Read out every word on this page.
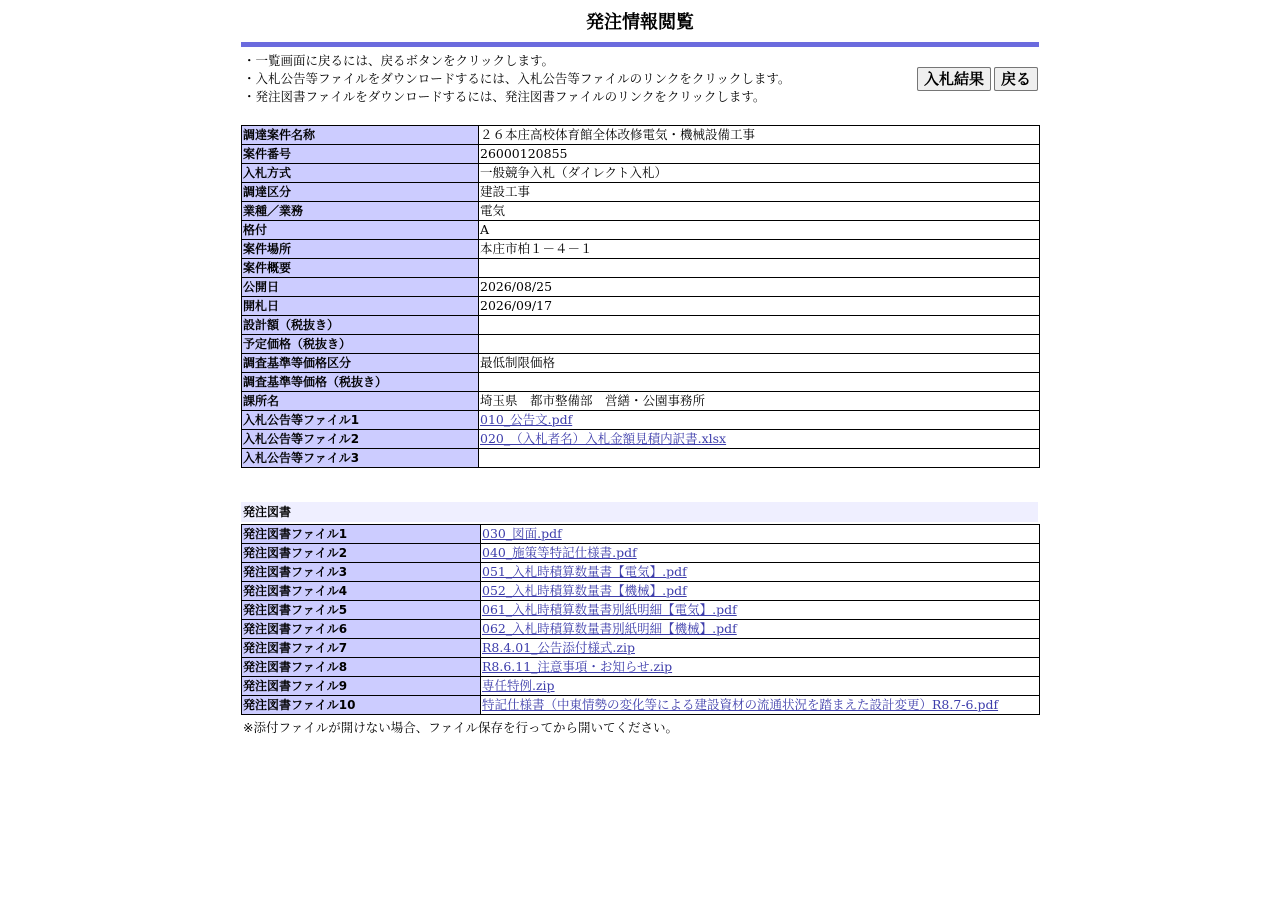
発注情報閲覧
・一覧画面に戻るには、戻るボタンをクリックします。
・入札公告等ファイルをダウンロードするには、入札公告等ファイルのリンクをクリックします。
・発注図書ファイルをダウンロードするには、発注図書ファイルのリンクをクリックします。
入札結果	戻る
調達案件名称	２６本庄高校体育館全体改修電気・機械設備工事
案件番号	26000120855
入札方式	一般競争入札（ダイレクト入札）
調達区分	建設工事
業種／業務	電気
格付	A
案件場所	本庄市柏１－４－１
案件概要	
公開日	2026/08/25
開札日	2026/09/17
設計額（税抜き）	
予定価格（税抜き）	
調査基準等価格区分	最低制限価格
調査基準等価格（税抜き）	
課所名	埼玉県　都市整備部　営繕・公園事務所
入札公告等ファイル1	010_公告文.pdf
入札公告等ファイル2	020_（入札者名）入札金額見積内訳書.xlsx
入札公告等ファイル3	
発注図書
発注図書ファイル1	030_図面.pdf
発注図書ファイル2	040_施策等特記仕様書.pdf
発注図書ファイル3	051_入札時積算数量書【電気】.pdf
発注図書ファイル4	052_入札時積算数量書【機械】.pdf
発注図書ファイル5	061_入札時積算数量書別紙明細【電気】.pdf
発注図書ファイル6	062_入札時積算数量書別紙明細【機械】.pdf
発注図書ファイル7	R8.4.01_公告添付様式.zip
発注図書ファイル8	R8.6.11_注意事項・お知らせ.zip
発注図書ファイル9	専任特例.zip
発注図書ファイル10	特記仕様書（中東情勢の変化等による建設資材の流通状況を踏まえた設計変更）R8.7-6.pdf
※添付ファイルが開けない場合、ファイル保存を行ってから開いてください。
